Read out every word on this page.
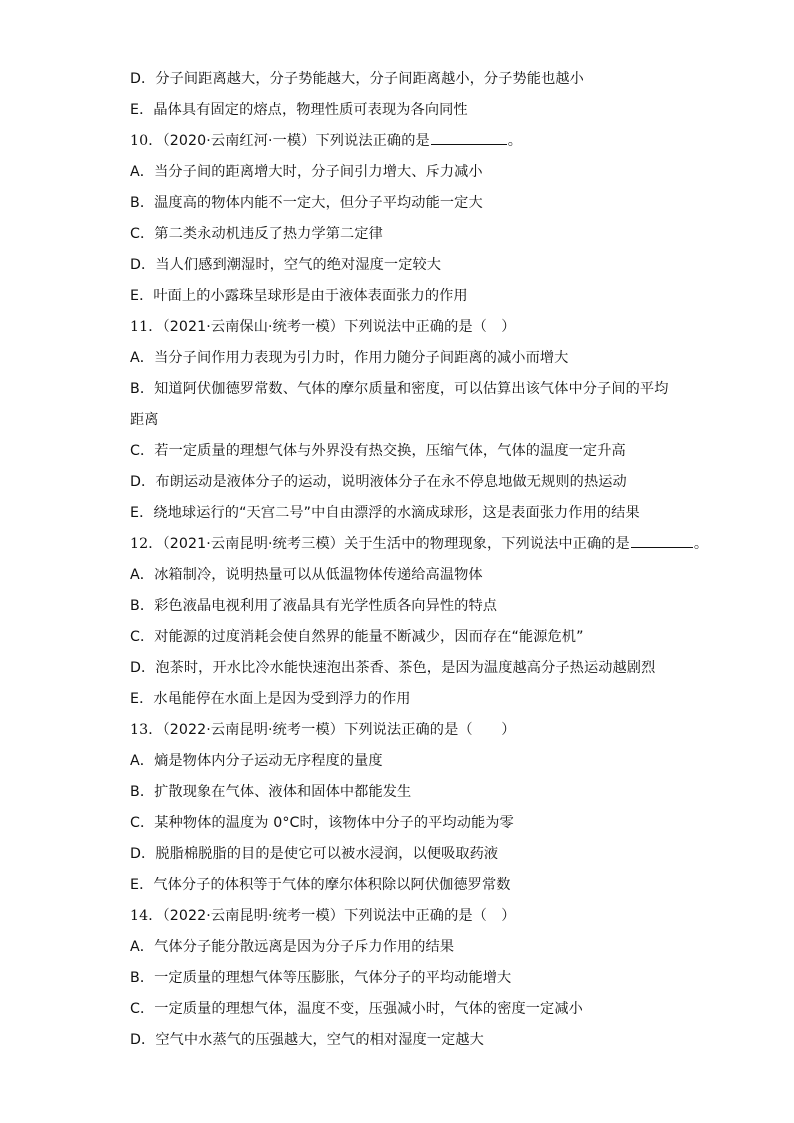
D．分子间距离越大，分子势能越大，分子间距离越小，分子势能也越小
E．晶体具有固定的熔点，物理性质可表现为各向同性
10．（2020·云南红河·一模）下列说法正确的是	。
A．当分子间的距离增大时，分子间引力增大、斥力减小
B．温度高的物体内能不一定大，但分子平均动能一定大
C．第二类永动机违反了热力学第二定律
D．当人们感到潮湿时，空气的绝对湿度一定较大
E．叶面上的小露珠呈球形是由于液体表面张力的作用
11．（2021·云南保山·统考一模）下列说法中正确的是（　）
A．当分子间作用力表现为引力时，作用力随分子间距离的减小而增大
B．知道阿伏伽德罗常数、气体的摩尔质量和密度，可以估算出该气体中分子间的平均
距离
C．若一定质量的理想气体与外界没有热交换，压缩气体，气体的温度一定升高
D．布朗运动是液体分子的运动，说明液体分子在永不停息地做无规则的热运动
E．绕地球运行的“天宫二号”中自由漂浮的水滴成球形，这是表面张力作用的结果
12．（2021·云南昆明·统考三模）关于生活中的物理现象，下列说法中正确的是	。
A．冰箱制冷，说明热量可以从低温物体传递给高温物体
B．彩色液晶电视利用了液晶具有光学性质各向异性的特点
C．对能源的过度消耗会使自然界的能量不断减少，因而存在“能源危机”
D．泡茶时，开水比冷水能快速泡出茶香、茶色，是因为温度越高分子热运动越剧烈
E．水黾能停在水面上是因为受到浮力的作用
13．（2022·云南昆明·统考一模）下列说法正确的是（　　）
A．熵是物体内分子运动无序程度的量度
B．扩散现象在气体、液体和固体中都能发生
C．某种物体的温度为 0°C时，该物体中分子的平均动能为零
D．脱脂棉脱脂的目的是使它可以被水浸润，以便吸取药液
E．气体分子的体积等于气体的摩尔体积除以阿伏伽德罗常数
14．（2022·云南昆明·统考一模）下列说法中正确的是（　）
A．气体分子能分散远离是因为分子斥力作用的结果
B．一定质量的理想气体等压膨胀，气体分子的平均动能增大
C．一定质量的理想气体，温度不变，压强减小时，气体的密度一定减小
D．空气中水蒸气的压强越大，空气的相对湿度一定越大
